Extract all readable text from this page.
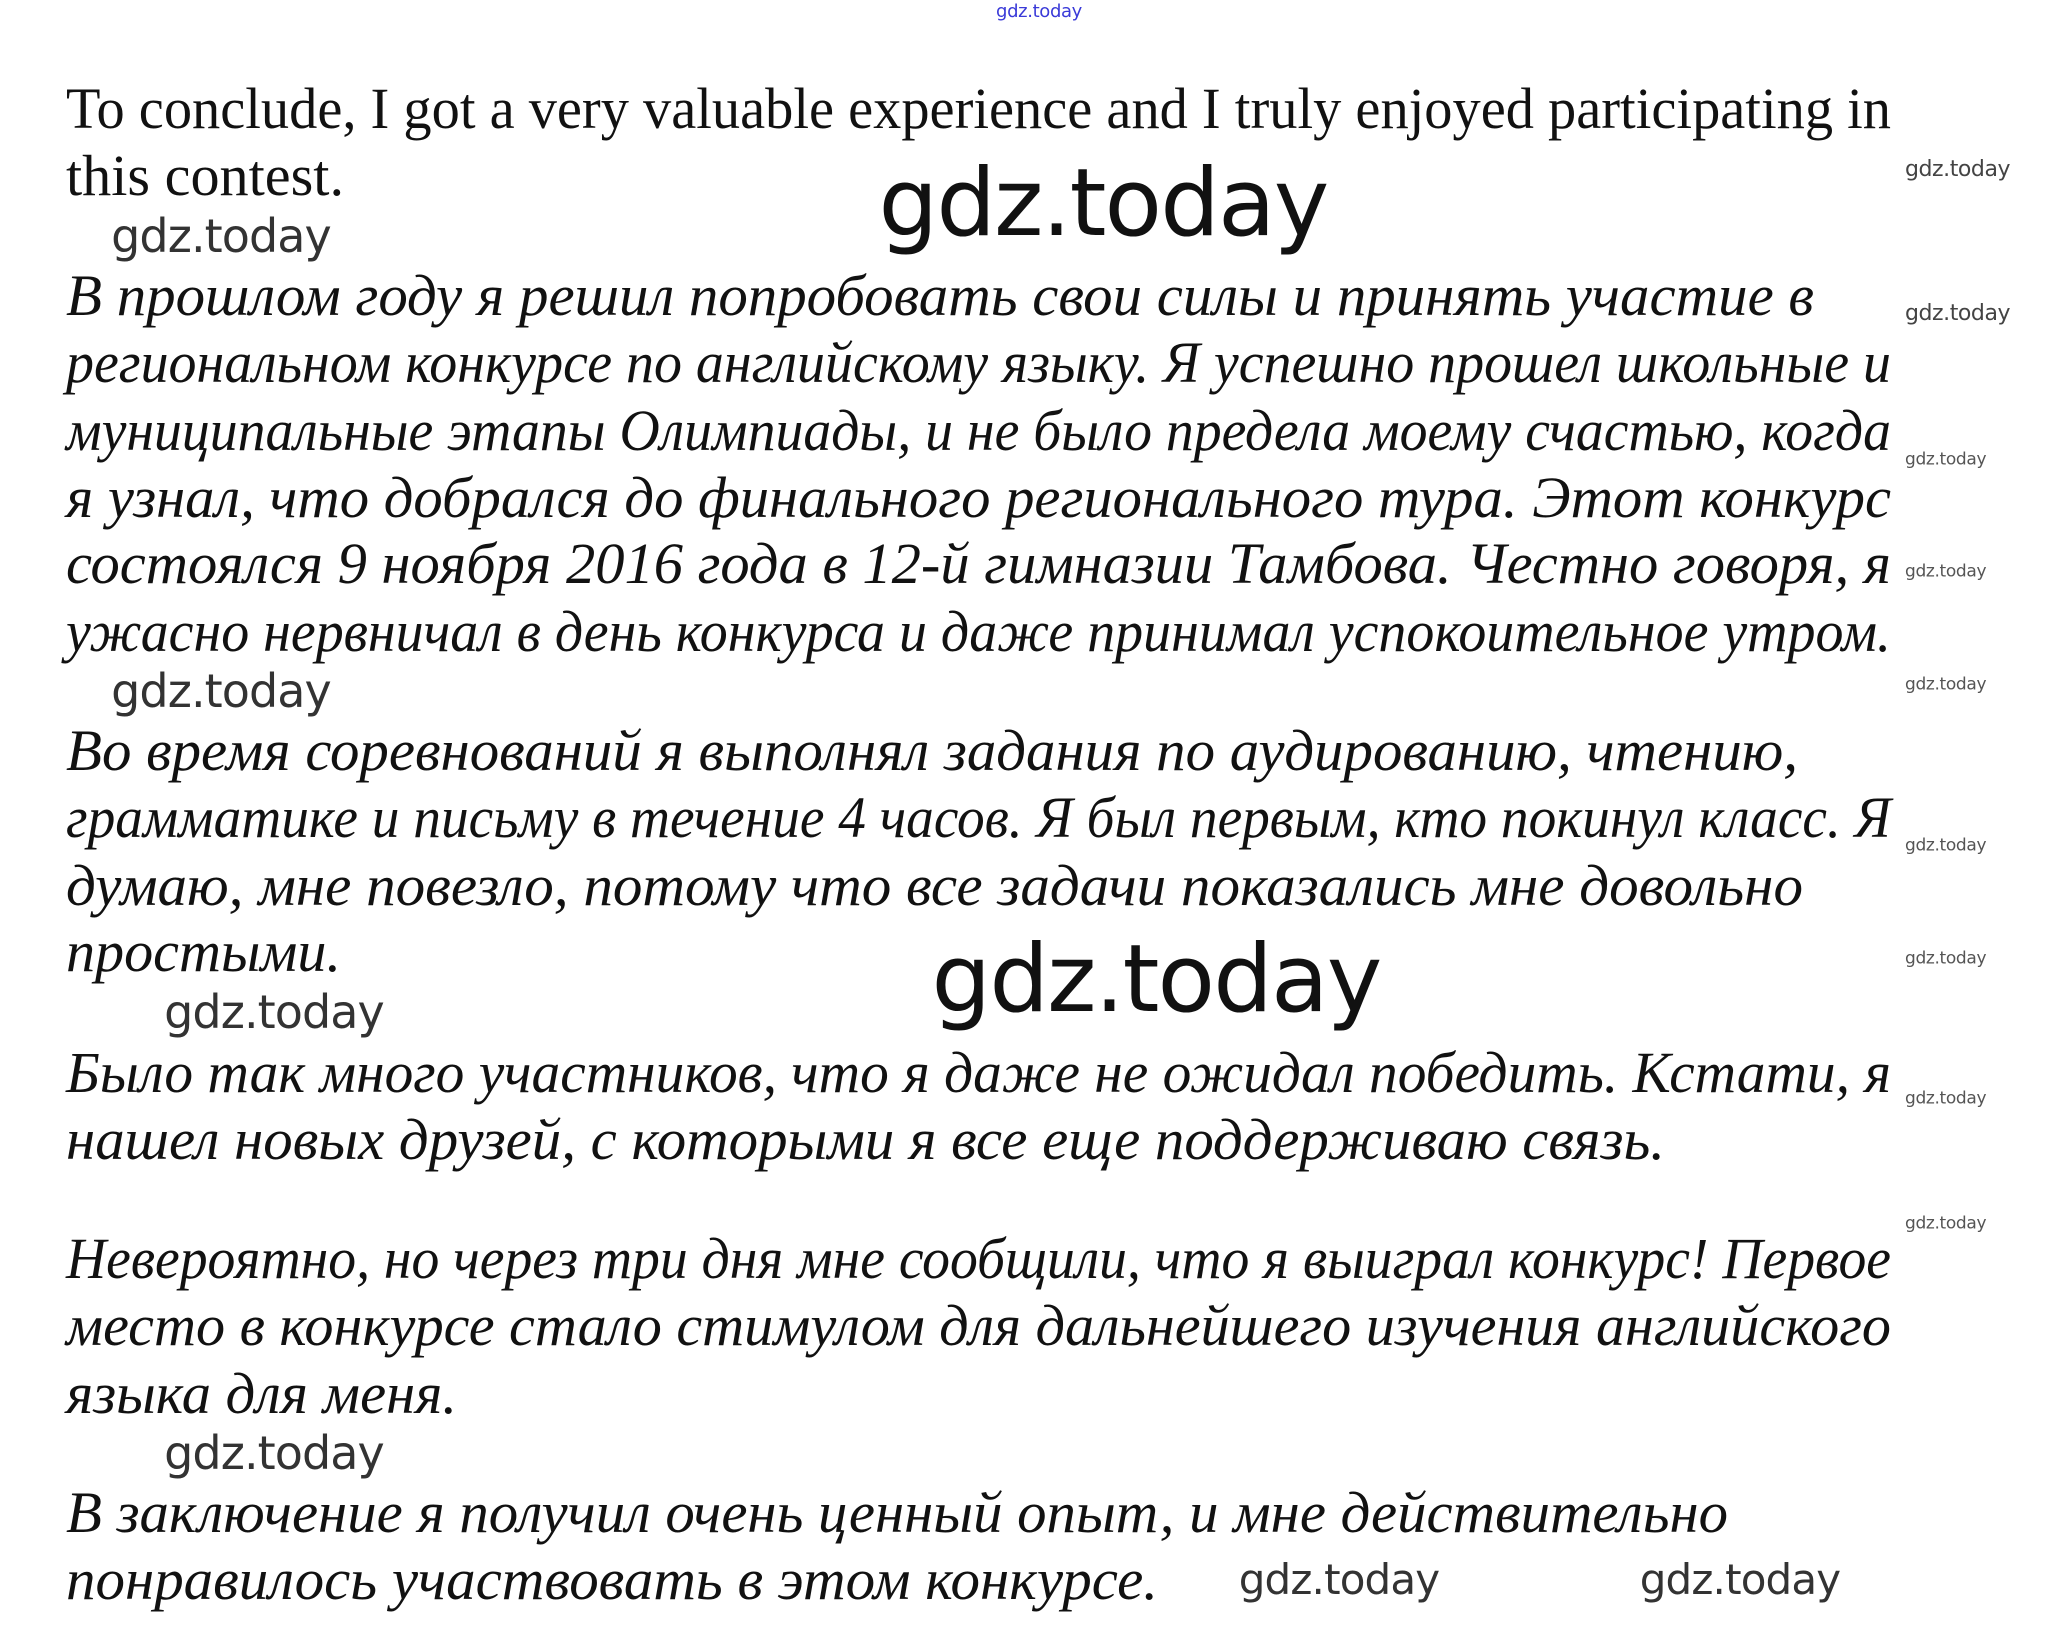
gdz.today
gdz.today
gdz.today
gdz.today
gdz.today
gdz.today
gdz.today
gdz.today
gdz.today
gdz.today
gdz.today
gdz.today
gdz.today
gdz.today
gdz.today	gdz.today
gdz.today
gdz.today
To conclude, I got a very valuable experience and I truly enjoyed participating in
this contest.
В прошлом году я решил попробовать свои силы и принять участие в
региональном конкурсе по английскому языку. Я успешно прошел школьные и
муниципальные этапы Олимпиады, и не было предела моему счастью, когда
я узнал, что добрался до финального регионального тура. Этот конкурс
состоялся 9 ноября 2016 года в 12-й гимназии Тамбова. Честно говоря, я
ужасно нервничал в день конкурса и даже принимал успокоительное утром.
Во время соревнований я выполнял задания по аудированию, чтению,
грамматике и письму в течение 4 часов. Я был первым, кто покинул класс. Я
думаю, мне повезло, потому что все задачи показались мне довольно
простыми.
Было так много участников, что я даже не ожидал победить. Кстати, я
нашел новых друзей, с которыми я все еще поддерживаю связь.
Невероятно, но через три дня мне сообщили, что я выиграл конкурс! Первое
место в конкурсе стало стимулом для дальнейшего изучения английского
языка для меня.
В заключение я получил очень ценный опыт, и мне действительно
понравилось участвовать в этом конкурсе.
